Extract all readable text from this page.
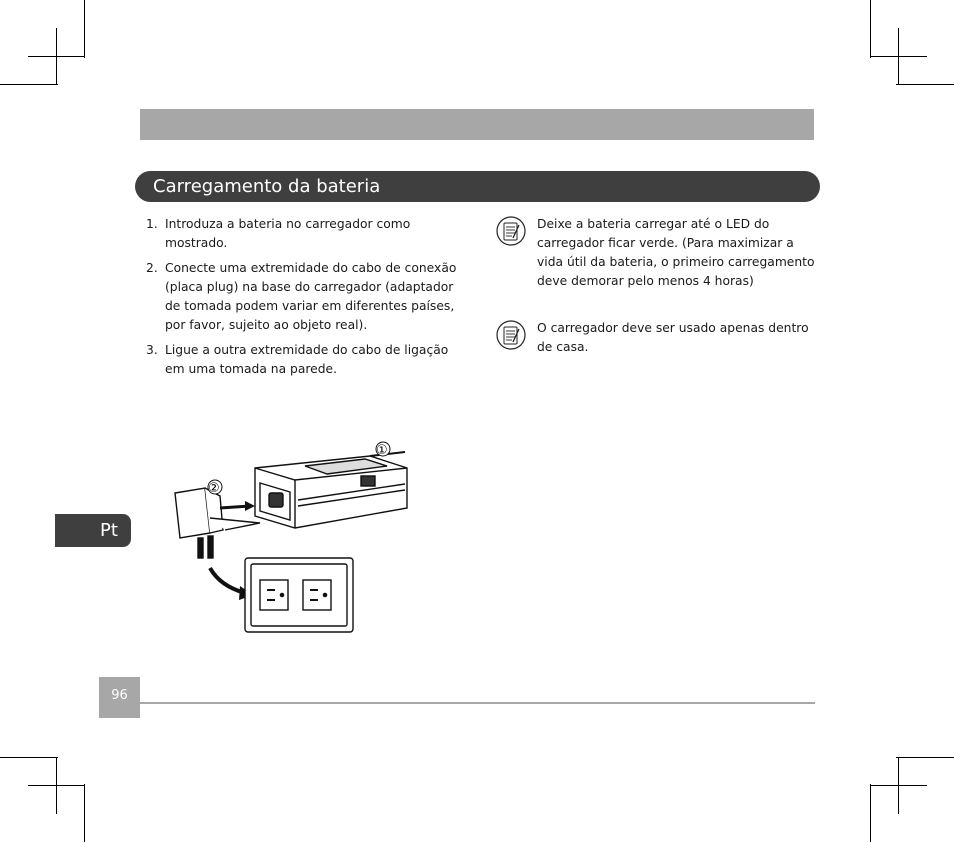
Carregamento da bateria
1. Introduza a bateria no carregador como mostrado.
2. Conecte uma extremidade do cabo de conexão (placa plug) na base do carregador (adaptador de tomada podem variar em diferentes países, por favor, sujeito ao objeto real).
3. Ligue a outra extremidade do cabo de ligação em uma tomada na parede.
Deixe a bateria carregar até o LED do carregador ficar verde. (Para maximizar a vida útil da bateria, o primeiro carregamento deve demorar pelo menos 4 horas)
O carregador deve ser usado apenas dentro de casa.
①
②
Pt
96
